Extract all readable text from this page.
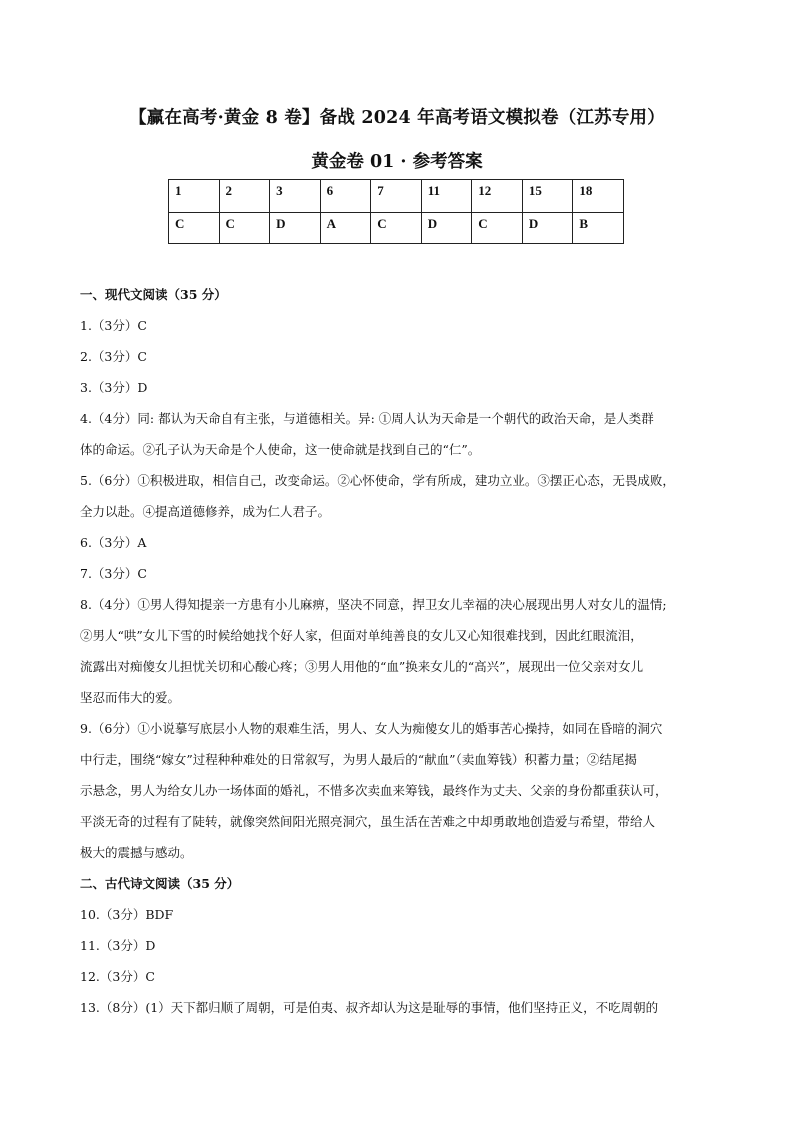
【赢在高考·黄金 8 卷】备战 2024 年高考语文模拟卷（江苏专用）
黄金卷 01 · 参考答案
1	2	3	6	7	11	12	15	18
C	C	D	A	C	D	C	D	B

一、现代文阅读（35 分）

1.（3分）C

2.（3分）C

3.（3分）D

4.（4分）同: 都认为天命自有主张，与道德相关。异: ①周人认为天命是一个朝代的政治天命，是人类群

体的命运。②孔子认为天命是个人使命，这一使命就是找到自己的“仁”。

5.（6分）①积极进取，相信自己，改变命运。②心怀使命，学有所成，建功立业。③摆正心态，无畏成败，

全力以赴。④提高道德修养，成为仁人君子。

6.（3分）A

7.（3分）C

8.（4分）①男人得知提亲一方患有小儿麻痹，坚决不同意，捍卫女儿幸福的决心展现出男人对女儿的温情;

②男人“哄”女儿下雪的时候给她找个好人家，但面对单纯善良的女儿又心知很难找到，因此红眼流泪，

流露出对痴傻女儿担忧关切和心酸心疼；③男人用他的“血”换来女儿的“高兴”，展现出一位父亲对女儿

坚忍而伟大的爱。

9.（6分）①小说摹写底层小人物的艰难生活，男人、女人为痴傻女儿的婚事苦心操持，如同在昏暗的洞穴

中行走，围绕“嫁女”过程种种难处的日常叙写，为男人最后的“献血”（卖血筹钱）积蓄力量；②结尾揭

示悬念，男人为给女儿办一场体面的婚礼，不惜多次卖血来筹钱，最终作为丈夫、父亲的身份都重获认可，

平淡无奇的过程有了陡转，就像突然间阳光照亮洞穴，虽生活在苦难之中却勇敢地创造爱与希望，带给人

极大的震撼与感动。

二、古代诗文阅读（35 分）

10.（3分）BDF

11.（3分）D

12.（3分）C

13.（8分）(1）天下都归顺了周朝，可是伯夷、叔齐却认为这是耻辱的事情，他们坚持正义，不吃周朝的
